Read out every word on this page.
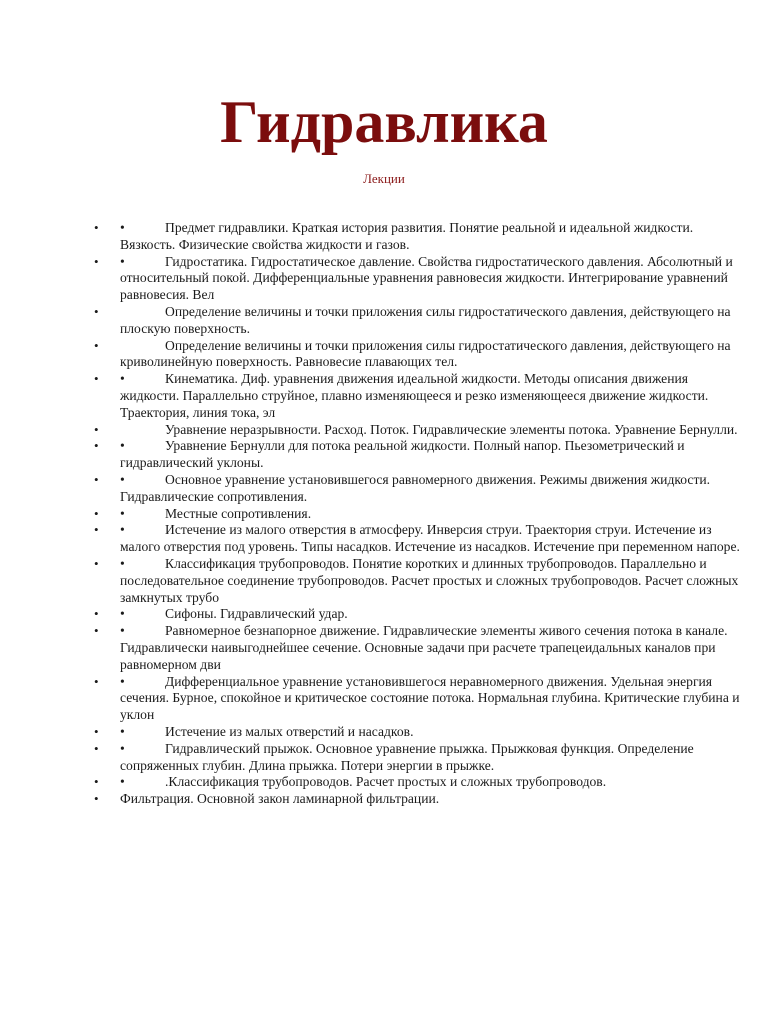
Гидравлика

Лекции

• •	Предмет гидравлики. Краткая история развития. Понятие реальной и идеальной жидкости. Вязкость. Физические свойства жидкости и газов.
• •	Гидростатика. Гидростатическое давление. Свойства гидростатического давления. Абсолютный и относительный покой. Дифференциальные уравнения равновесия жидкости. Интегрирование уравнений равновесия. Вел
• Определение величины и точки приложения силы гидростатического давления, действующего на плоскую поверхность.
• Определение величины и точки приложения силы гидростатического давления, действующего на криволинейную поверхность. Равновесие плавающих тел.
• •	Кинематика. Диф. уравнения движения идеальной жидкости. Методы описания движения жидкости. Параллельно струйное, плавно изменяющееся и резко изменяющееся движение жидкости. Траектория, линия тока, эл
• Уравнение неразрывности. Расход. Поток. Гидравлические элементы потока. Уравнение Бернулли.
• •	Уравнение Бернулли для потока реальной жидкости. Полный напор. Пьезометрический и гидравлический уклоны.
• •	Основное уравнение установившегося равномерного движения. Режимы движения жидкости. Гидравлические сопротивления.
• •	Местные сопротивления.
• •	Истечение из малого отверстия в атмосферу. Инверсия струи. Траектория струи. Истечение из малого отверстия под уровень. Типы насадков. Истечение из насадков. Истечение при переменном напоре.
• •	Классификация трубопроводов. Понятие коротких и длинных трубопроводов. Параллельно и последовательное соединение трубопроводов. Расчет простых и сложных трубопроводов. Расчет сложных замкнутых трубо
• •	Сифоны. Гидравлический удар.
• •	Равномерное безнапорное движение. Гидравлические элементы живого сечения потока в канале. Гидравлически наивыгоднейшее сечение. Основные задачи при расчете трапецеидальных каналов при равномерном дви
• •	Дифференциальное уравнение установившегося неравномерного движения. Удельная энергия сечения. Бурное, спокойное и критическое состояние потока. Нормальная глубина. Критические глубина и уклон
• •	Истечение из малых отверстий и насадков.
• •	Гидравлический прыжок. Основное уравнение прыжка. Прыжковая функция. Определение сопряженных глубин. Длина прыжка. Потери энергии в прыжке.
• •	.Классификация трубопроводов. Расчет простых и сложных трубопроводов.
• Фильтрация. Основной закон ламинарной фильтрации.
